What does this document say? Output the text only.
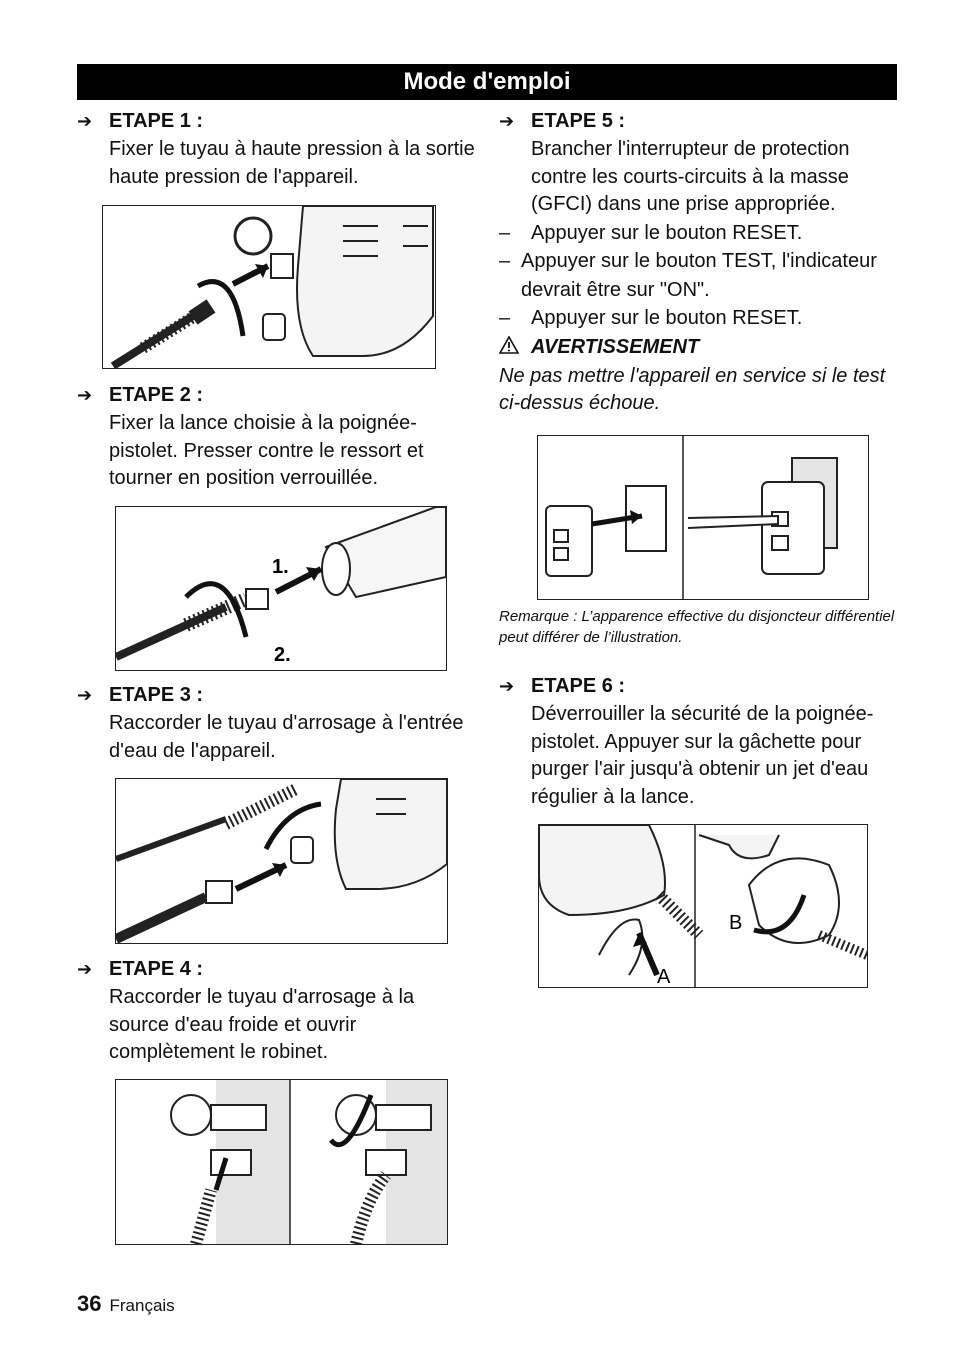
Mode d'emploi
➔ ETAPE 1 :
Fixer le tuyau à haute pression à la sortie haute pression de l'appareil.
➔ ETAPE 2 :
Fixer la lance choisie à la poignée-pistolet. Presser contre le ressort et tourner en position verrouillée.
1.
2.
➔ ETAPE 3 :
Raccorder le tuyau d'arrosage à l'entrée d'eau de l'appareil.
➔ ETAPE 4 :
Raccorder le tuyau d'arrosage à la source d'eau froide et ouvrir complètement le robinet.
➔ ETAPE 5 :
Brancher l'interrupteur de protection contre les courts-circuits à la masse (GFCI) dans une prise appropriée.
–	Appuyer sur le bouton RESET.
– Appuyer sur le bouton TEST, l'indicateur devrait être sur "ON".
–	Appuyer sur le bouton RESET.
AVERTISSEMENT
Ne pas mettre l'appareil en service si le test ci-dessus échoue.
Remarque : L’apparence effective du disjoncteur différentiel peut différer de l’illustration.
➔ ETAPE 6 :
Déverrouiller la sécurité de la poignée-pistolet. Appuyer sur la gâchette pour purger l'air jusqu'à obtenir un jet d'eau régulier à la lance.
A
B
36 Français
